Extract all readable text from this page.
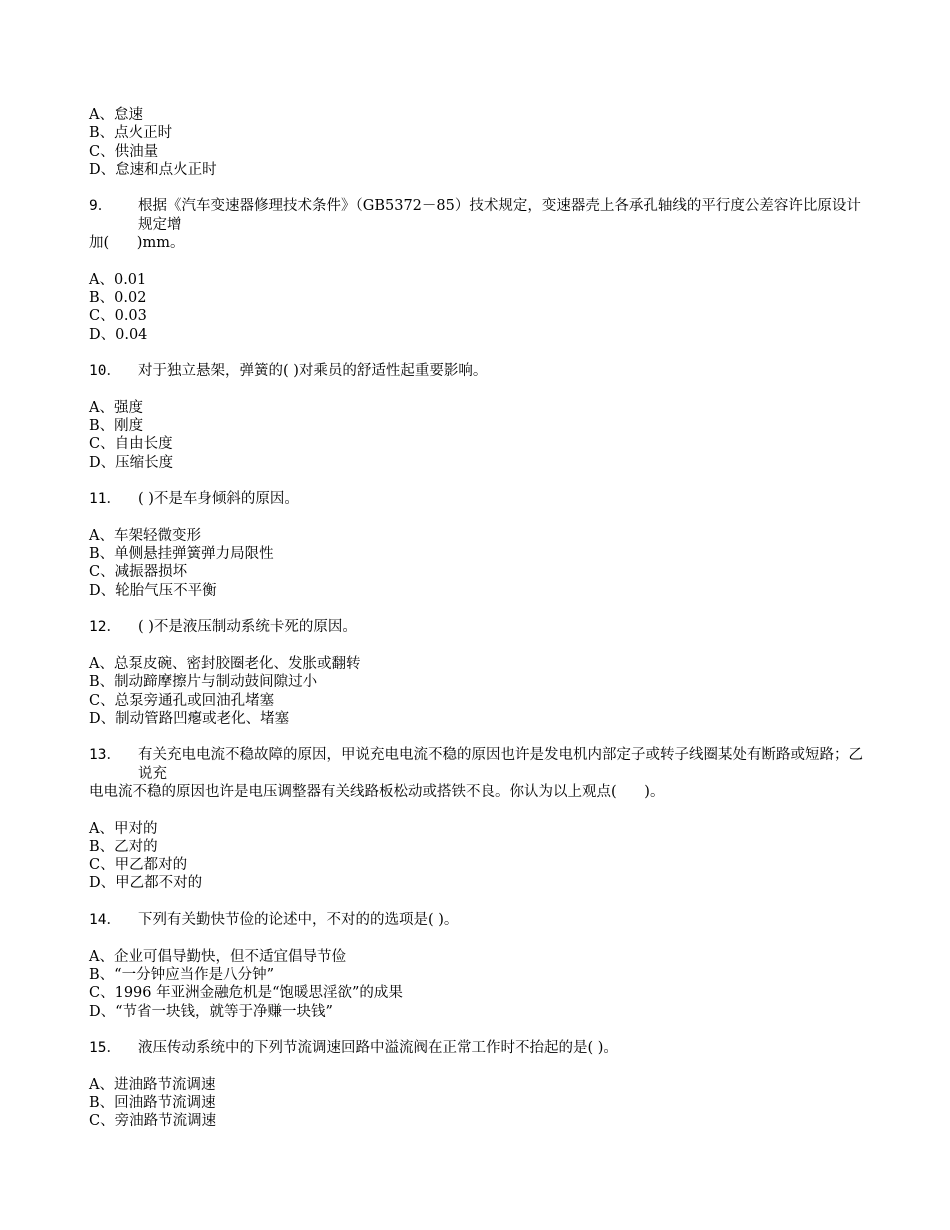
A、怠速
B、点火正时
C、供油量
D、怠速和点火正时
9．	根据《汽车变速器修理技术条件》（GB5372－85）技术规定，变速器壳上各承孔轴线的平行度公差容许比原设计规定增
加(      )mm。
A、0.01
B、0.02
C、0.03
D、0.04
10．	对于独立悬架，弹簧的( )对乘员的舒适性起重要影响。
A、强度
B、刚度
C、自由长度
D、压缩长度
11．	( )不是车身倾斜的原因。
A、车架轻微变形
B、单侧悬挂弹簧弹力局限性
C、减振器损坏
D、轮胎气压不平衡
12．	( )不是液压制动系统卡死的原因。
A、总泵皮碗、密封胶圈老化、发胀或翻转
B、制动蹄摩擦片与制动鼓间隙过小
C、总泵旁通孔或回油孔堵塞
D、制动管路凹瘪或老化、堵塞
13．	有关充电电流不稳故障的原因，甲说充电电流不稳的原因也许是发电机内部定子或转子线圈某处有断路或短路；乙说充
电电流不稳的原因也许是电压调整器有关线路板松动或搭铁不良。你认为以上观点(      )。
A、甲对的
B、乙对的
C、甲乙都对的
D、甲乙都不对的
14．	下列有关勤快节俭的论述中，不对的的选项是( )。
A、企业可倡导勤快，但不适宜倡导节俭
B、“一分钟应当作是八分钟”
C、1996 年亚洲金融危机是“饱暖思淫欲”的成果
D、“节省一块钱，就等于净赚一块钱”
15．	液压传动系统中的下列节流调速回路中溢流阀在正常工作时不抬起的是( )。
A、进油路节流调速
B、回油路节流调速
C、旁油路节流调速
